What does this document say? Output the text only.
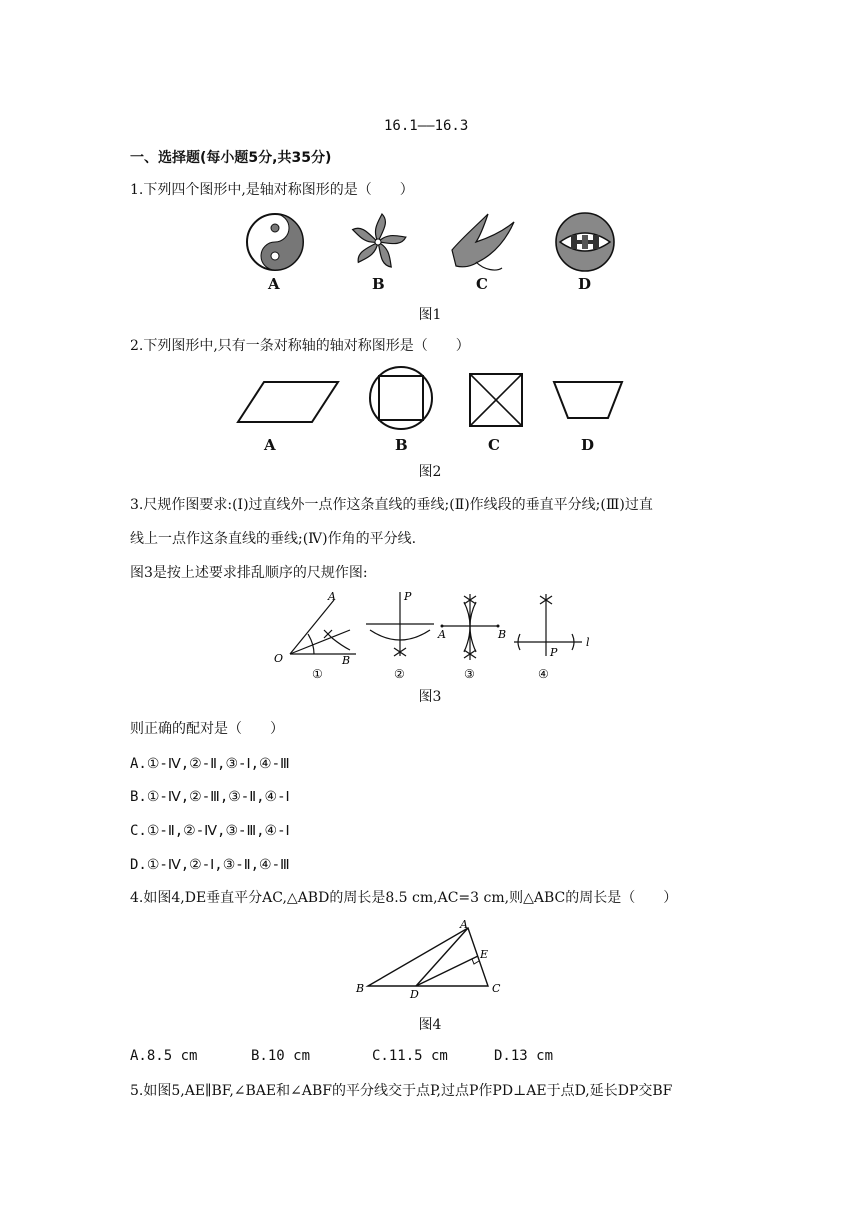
16.1——16.3
一、选择题(每小题5分,共35分)
1.下列四个图形中,是轴对称图形的是（　　）
A	B	C	D
图1
2.下列图形中,只有一条对称轴的轴对称图形是（　　）
A	B	C	D
图2
3.尺规作图要求:(Ⅰ)过直线外一点作这条直线的垂线;(Ⅱ)作线段的垂直平分线;(Ⅲ)过直
线上一点作这条直线的垂线;(Ⅳ)作角的平分线.
图3是按上述要求排乱顺序的尺规作图:
A
O	B
①
P
②
A	B
③
P
l
④
图3
则正确的配对是（　　）
A.①-Ⅳ,②-Ⅱ,③-Ⅰ,④-Ⅲ
B.①-Ⅳ,②-Ⅲ,③-Ⅱ,④-Ⅰ
C.①-Ⅱ,②-Ⅳ,③-Ⅲ,④-Ⅰ
D.①-Ⅳ,②-Ⅰ,③-Ⅱ,④-Ⅲ
4.如图4,DE垂直平分AC,△ABD的周长是8.5 cm,AC=3 cm,则△ABC的周长是（　　）
A
B	C
D
E
图4
A.8.5 cm	B.10 cm	C.11.5 cm	D.13 cm
5.如图5,AE∥BF,∠BAE和∠ABF的平分线交于点P,过点P作PD⊥AE于点D,延长DP交BF
